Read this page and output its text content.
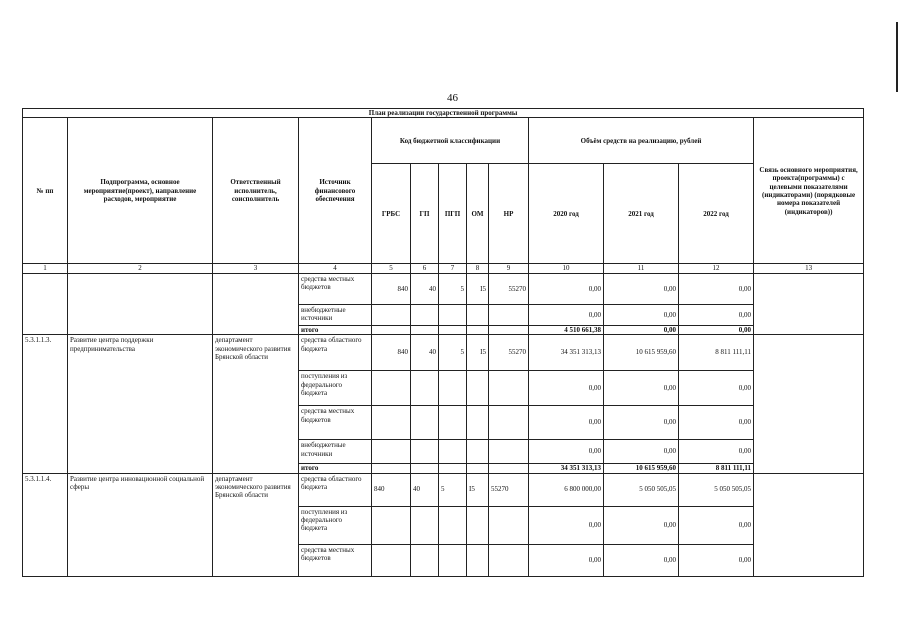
46
План реализации государственной программы												
№ пп	Подпрограмма, основное мероприятие(проект), направление расходов, мероприятие	Ответственный исполнитель, соисполнитель	Источник финансового обеспечения	Код бюджетной классификации					Объём средств на реализацию, рублей			Связь основного мероприятия, проекта(программы) с целевыми показателями (индикаторами) (порядковые номера показателей (индикаторов))
				ГРБС	ГП	ПГП	ОМ	НР	2020 год	2021 год	2022 год	
1	2	3	4	5	6	7	8	9	10	11	12	13
			средства местных бюджетов	840	40	5	I5	55270	0,00	0,00	0,00	
			внебюджетные источники						0,00	0,00	0,00	
			итого						4 510 661,38	0,00	0,00	
5.3.1.1.3.	Развитие центра поддержки предпринимательства	департамент экономического развития Брянской области	средства областного бюджета	840	40	5	I5	55270	34 351 313,13	10 615 959,60	8 811 111,11	
			поступления из федерального бюджета						0,00	0,00	0,00	
			средства местных бюджетов						0,00	0,00	0,00	
			внебюджетные источники						0,00	0,00	0,00	
			итого						34 351 313,13	10 615 959,60	8 811 111,11	
5.3.1.1.4.	Развитие центра инновационной социальной сферы	департамент экономического развития Брянской области	средства областного бюджета	840	40	5	I5	55270	6 800 000,00	5 050 505,05	5 050 505,05	
			поступления из федерального бюджета						0,00	0,00	0,00	
			средства местных бюджетов						0,00	0,00	0,00	
